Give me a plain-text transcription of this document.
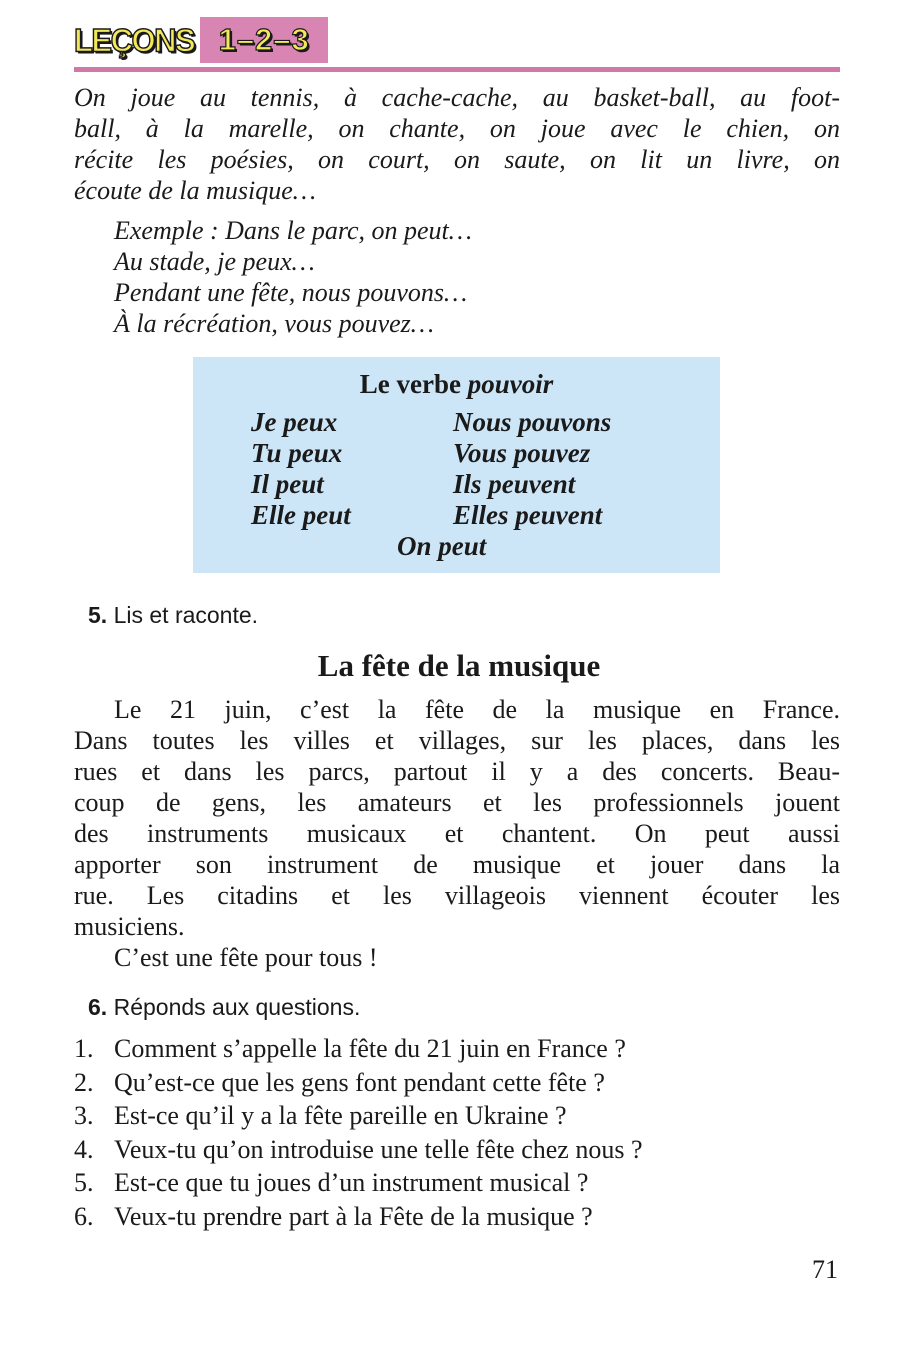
LEÇONS 1–2–3
On joue au tennis, à cache-cache, au basket-ball, au foot-
ball, à la marelle, on chante, on joue avec le chien, on
récite les poésies, on court, on saute, on lit un livre, on
écoute de la musique…
Exemple : Dans le parc, on peut…
Au stade, je peux…
Pendant une fête, nous pouvons…
À la récréation, vous pouvez…
Le verbe pouvoir
Je peux
Tu peux
Il peut
Elle peut
Nous pouvons
Vous pouvez
Ils peuvent
Elles peuvent
On peut
5. Lis et raconte.
La fête de la musique
Le 21 juin, c’est la fête de la musique en France.
Dans toutes les villes et villages, sur les places, dans les
rues et dans les parcs, partout il y a des concerts. Beau-
coup de gens, les amateurs et les professionnels jouent
des instruments musicaux et chantent. On peut aussi
apporter son instrument de musique et jouer dans la
rue. Les citadins et les villageois viennent écouter les
musiciens.
C’est une fête pour tous !
6. Réponds aux questions.
1. Comment s’appelle la fête du 21 juin en France ?
2. Qu’est-ce que les gens font pendant cette fête ?
3. Est-ce qu’il y a la fête pareille en Ukraine ?
4. Veux-tu qu’on introduise une telle fête chez nous ?
5. Est-ce que tu joues d’un instrument musical ?
6. Veux-tu prendre part à la Fête de la musique ?
71
